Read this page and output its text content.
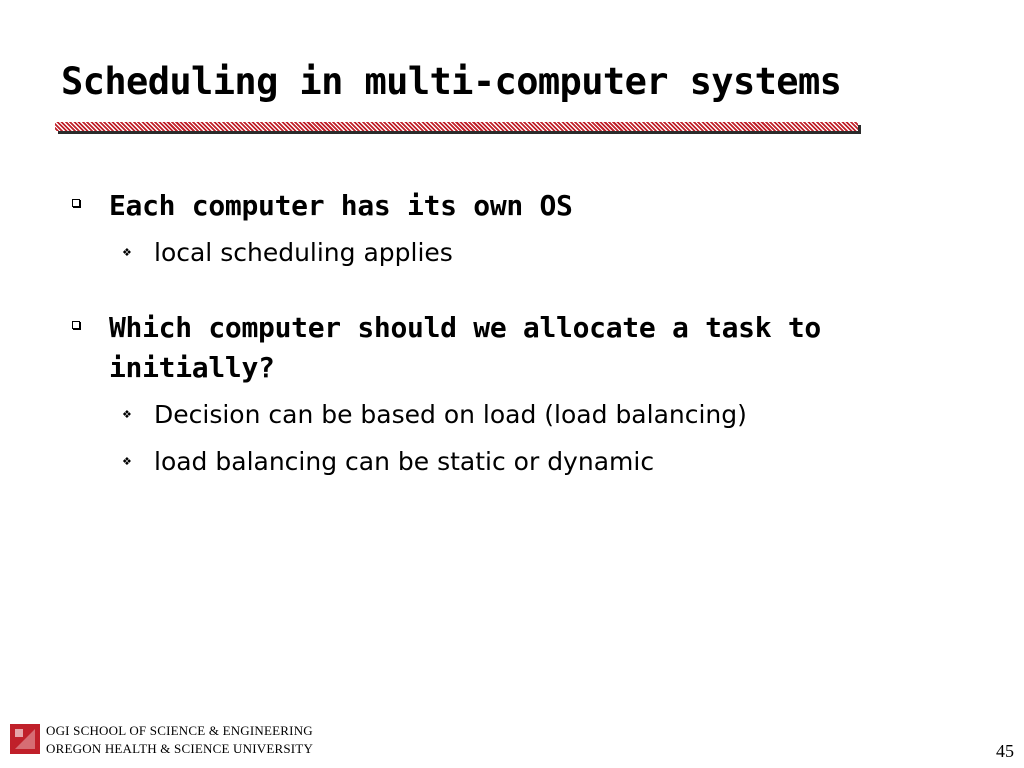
Scheduling in multi-computer systems
Each computer has its own OS
❖ local scheduling applies
Which computer should we allocate a task to initially?
❖ Decision can be based on load (load balancing)
❖ load balancing can be static or dynamic
OGI SCHOOL OF SCIENCE & ENGINEERING
OREGON HEALTH & SCIENCE UNIVERSITY	45
